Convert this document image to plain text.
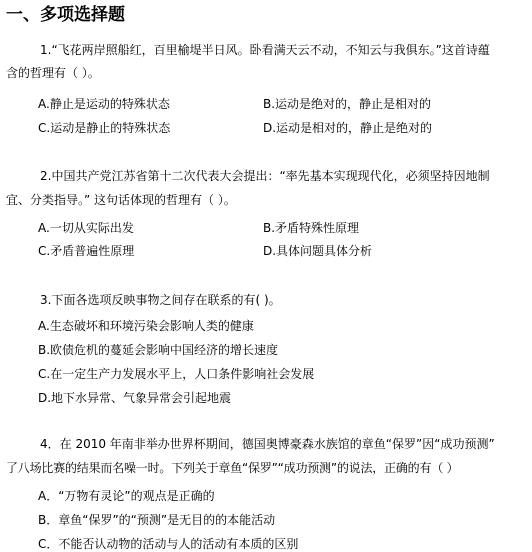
一、多项选择题
1.“飞花两岸照船红，百里榆堤半日风。卧看满天云不动，不知云与我俱东。”这首诗蕴
含的哲理有（ ）。
A.静止是运动的特殊状态	B.运动是绝对的，静止是相对的
C.运动是静止的特殊状态	D.运动是相对的，静止是绝对的
2.中国共产党江苏省第十二次代表大会提出：“率先基本实现现代化，必须坚持因地制
宜、分类指导。” 这句话体现的哲理有（ ）。
A.一切从实际出发	B.矛盾特殊性原理
C.矛盾普遍性原理	D.具体问题具体分析
3.下面各选项反映事物之间存在联系的有( )。
A.生态破坏和环境污染会影响人类的健康
B.欧债危机的蔓延会影响中国经济的增长速度
C.在一定生产力发展水平上，人口条件影响社会发展
D.地下水异常、气象异常会引起地震
4．在 2010 年南非举办世界杯期间，德国奥博豪森水族馆的章鱼“保罗”因“成功预测”
了八场比赛的结果而名噪一时。下列关于章鱼“保罗”“成功预测”的说法，正确的有（ ）
A．“万物有灵论”的观点是正确的
B．章鱼“保罗”的“预测”是无目的的本能活动
C．不能否认动物的活动与人的活动有本质的区别
